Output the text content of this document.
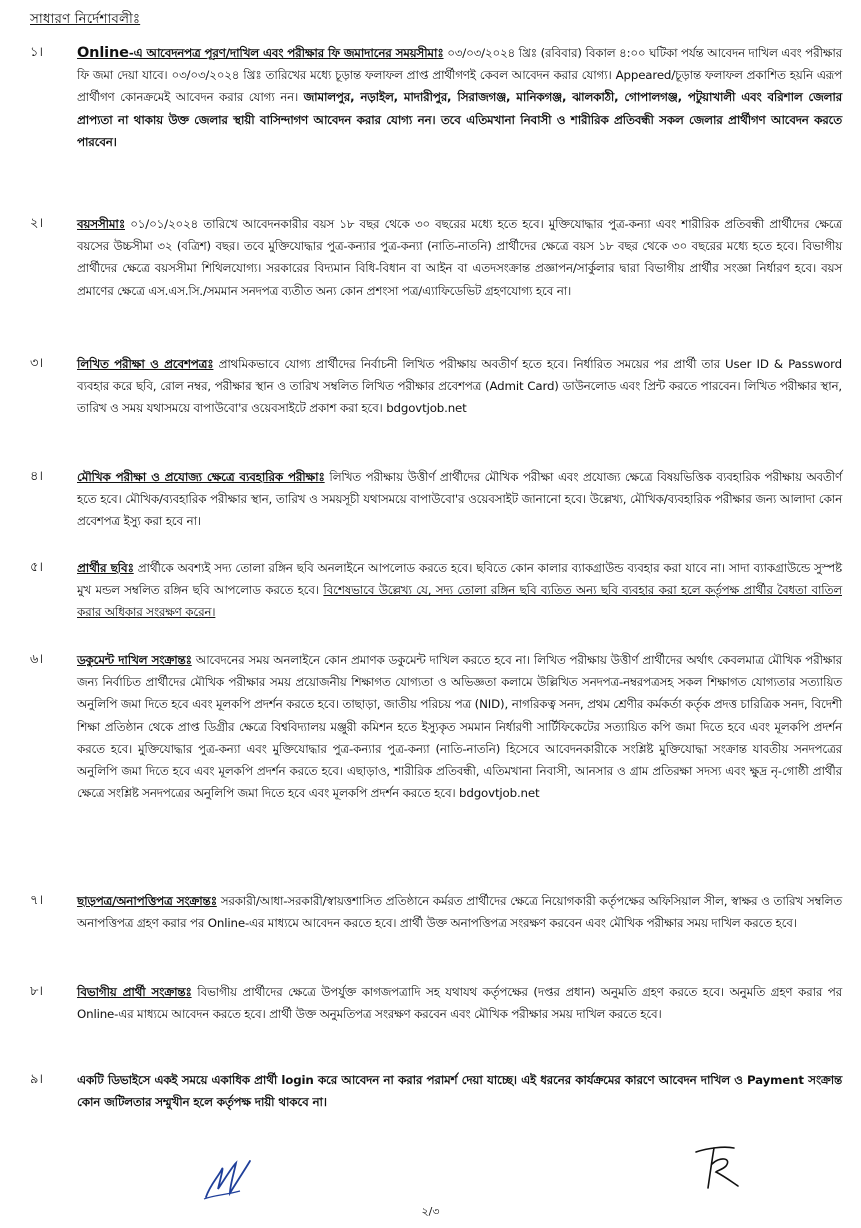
সাধারণ নির্দেশাবলীঃ
১।	Online-এ আবেদনপত্র পূরণ/দাখিল এবং পরীক্ষার ফি জমাদানের সময়সীমাঃ ০৩/০৩/২০২৪ খ্রিঃ (রবিবার) বিকাল ৪:০০ ঘটিকা পর্যন্ত আবেদন দাখিল এবং পরীক্ষার ফি জমা দেয়া যাবে। ০৩/০৩/২০২৪ খ্রিঃ তারিখের মধ্যে চূড়ান্ত ফলাফল প্রাপ্ত প্রার্থীগণই কেবল আবেদন করার যোগ্য। Appeared/চূড়ান্ত ফলাফল প্রকাশিত হয়নি এরূপ প্রার্থীগণ কোনক্রমেই আবেদন করার যোগ্য নন। জামালপুর, নড়াইল, মাদারীপুর, সিরাজগঞ্জ, মানিকগঞ্জ, ঝালকাঠী, গোপালগঞ্জ, পটুয়াখালী এবং বরিশাল জেলার প্রাপ্যতা না থাকায় উক্ত জেলার স্থায়ী বাসিন্দাগণ আবেদন করার যোগ্য নন। তবে এতিমখানা নিবাসী ও শারীরিক প্রতিবন্ধী সকল জেলার প্রার্থীগণ আবেদন করতে পারবেন।
২।	বয়সসীমাঃ ০১/০১/২০২৪ তারিখে আবেদনকারীর বয়স ১৮ বছর থেকে ৩০ বছরের মধ্যে হতে হবে। মুক্তিযোদ্ধার পুত্র-কন্যা এবং শারীরিক প্রতিবন্ধী প্রার্থীদের ক্ষেত্রে বয়সের উচ্চসীমা ৩২ (বত্রিশ) বছর। তবে মুক্তিযোদ্ধার পুত্র-কন্যার পুত্র-কন্যা (নাতি-নাতনি) প্রার্থীদের ক্ষেত্রে বয়স ১৮ বছর থেকে ৩০ বছরের মধ্যে হতে হবে। বিভাগীয় প্রার্থীদের ক্ষেত্রে বয়সসীমা শিথিলযোগ্য। সরকারের বিদ্যমান বিধি-বিধান বা আইন বা এতদসংক্রান্ত প্রজ্ঞাপন/সার্কুলার দ্বারা বিভাগীয় প্রার্থীর সংজ্ঞা নির্ধারণ হবে। বয়স প্রমাণের ক্ষেত্রে এস.এস.সি./সমমান সনদপত্র ব্যতীত অন্য কোন প্রশংসা পত্র/এ্যাফিডেভিট গ্রহণযোগ্য হবে না।
৩।	লিখিত পরীক্ষা ও প্রবেশপত্রঃ প্রাথমিকভাবে যোগ্য প্রার্থীদের নির্বাচনী লিখিত পরীক্ষায় অবতীর্ণ হতে হবে। নির্ধারিত সময়ের পর প্রার্থী তার User ID & Password ব্যবহার করে ছবি, রোল নম্বর, পরীক্ষার স্থান ও তারিখ সম্বলিত লিখিত পরীক্ষার প্রবেশপত্র (Admit Card) ডাউনলোড এবং প্রিন্ট করতে পারবেন। লিখিত পরীক্ষার স্থান, তারিখ ও সময় যথাসময়ে বাপাউবো'র ওয়েবসাইটে প্রকাশ করা হবে। bdgovtjob.net
৪।	মৌখিক পরীক্ষা ও প্রযোজ্য ক্ষেত্রে ব্যবহারিক পরীক্ষাঃ লিখিত পরীক্ষায় উত্তীর্ণ প্রার্থীদের মৌখিক পরীক্ষা এবং প্রযোজ্য ক্ষেত্রে বিষয়ভিত্তিক ব্যবহারিক পরীক্ষায় অবতীর্ণ হতে হবে। মৌখিক/ব্যবহারিক পরীক্ষার স্থান, তারিখ ও সময়সূচী যথাসময়ে বাপাউবো'র ওয়েবসাইট জানানো হবে। উল্লেখ্য, মৌখিক/ব্যবহারিক পরীক্ষার জন্য আলাদা কোন প্রবেশপত্র ইস্যু করা হবে না।
৫।	প্রার্থীর ছবিঃ প্রার্থীকে অবশ্যই সদ্য তোলা রঙ্গিন ছবি অনলাইনে আপলোড করতে হবে। ছবিতে কোন কালার ব্যাকগ্রাউন্ড ব্যবহার করা যাবে না। সাদা ব্যাকগ্রাউন্ডে সুস্পষ্ট মুখ মন্ডল সম্বলিত রঙ্গিন ছবি আপলোড করতে হবে। বিশেষভাবে উল্লেখ্য যে, সদ্য তোলা রঙ্গিন ছবি ব্যতিত অন্য ছবি ব্যবহার করা হলে কর্তৃপক্ষ প্রার্থীর বৈধতা বাতিল করার অধিকার সংরক্ষণ করেন।
৬।	ডকুমেন্ট দাখিল সংক্রান্তঃ আবেদনের সময় অনলাইনে কোন প্রমাণক ডকুমেন্ট দাখিল করতে হবে না। লিখিত পরীক্ষায় উত্তীর্ণ প্রার্থীদের অর্থাৎ কেবলমাত্র মৌখিক পরীক্ষার জন্য নির্বাচিত প্রার্থীদের মৌখিক পরীক্ষার সময় প্রয়োজনীয় শিক্ষাগত যোগ্যতা ও অভিজ্ঞতা কলামে উল্লিখিত সনদপত্র-নম্বরপত্রসহ সকল শিক্ষাগত যোগ্যতার সত্যায়িত অনুলিপি জমা দিতে হবে এবং মূলকপি প্রদর্শন করতে হবে। তাছাড়া, জাতীয় পরিচয় পত্র (NID), নাগরিকত্ব সনদ, প্রথম শ্রেণীর কর্মকর্তা কর্তৃক প্রদত্ত চারিত্রিক সনদ, বিদেশী শিক্ষা প্রতিষ্ঠান থেকে প্রাপ্ত ডিগ্রীর ক্ষেত্রে বিশ্ববিদ্যালয় মঞ্জুরী কমিশন হতে ইস্যুকৃত সমমান নির্ধারণী সার্টিফিকেটের সত্যায়িত কপি জমা দিতে হবে এবং মূলকপি প্রদর্শন করতে হবে। মুক্তিযোদ্ধার পুত্র-কন্যা এবং মুক্তিযোদ্ধার পুত্র-কন্যার পুত্র-কন্যা (নাতি-নাতনি) হিসেবে আবেদনকারীকে সংশ্লিষ্ট মুক্তিযোদ্ধা সংক্রান্ত যাবতীয় সনদপত্রের অনুলিপি জমা দিতে হবে এবং মূলকপি প্রদর্শন করতে হবে। এছাড়াও, শারীরিক প্রতিবন্ধী, এতিমখানা নিবাসী, আনসার ও গ্রাম প্রতিরক্ষা সদস্য এবং ক্ষুদ্র নৃ-গোষ্ঠী প্রার্থীর ক্ষেত্রে সংশ্লিষ্ট সনদপত্রের অনুলিপি জমা দিতে হবে এবং মূলকপি প্রদর্শন করতে হবে। bdgovtjob.net
৭।	ছাড়পত্র/অনাপত্তিপত্র সংক্রান্তঃ সরকারী/আধা-সরকারী/স্বায়ত্তশাসিত প্রতিষ্ঠানে কর্মরত প্রার্থীদের ক্ষেত্রে নিয়োগকারী কর্তৃপক্ষের অফিসিয়াল সীল, স্বাক্ষর ও তারিখ সম্বলিত অনাপত্তিপত্র গ্রহণ করার পর Online-এর মাধ্যমে আবেদন করতে হবে। প্রার্থী উক্ত অনাপত্তিপত্র সংরক্ষণ করবেন এবং মৌখিক পরীক্ষার সময় দাখিল করতে হবে।
৮।	বিভাগীয় প্রার্থী সংক্রান্তঃ বিভাগীয় প্রার্থীদের ক্ষেত্রে উপর্যুক্ত কাগজপত্রাদি সহ যথাযথ কর্তৃপক্ষের (দপ্তর প্রধান) অনুমতি গ্রহণ করতে হবে। অনুমতি গ্রহণ করার পর Online-এর মাধ্যমে আবেদন করতে হবে। প্রার্থী উক্ত অনুমতিপত্র সংরক্ষণ করবেন এবং মৌখিক পরীক্ষার সময় দাখিল করতে হবে।
৯।	একটি ডিভাইসে একই সময়ে একাধিক প্রার্থী login করে আবেদন না করার পরামর্শ দেয়া যাচ্ছে। এই ধরনের কার্যক্রমের কারণে আবেদন দাখিল ও Payment সংক্রান্ত কোন জটিলতার সম্মুখীন হলে কর্তৃপক্ষ দায়ী থাকবে না।
২/৩
